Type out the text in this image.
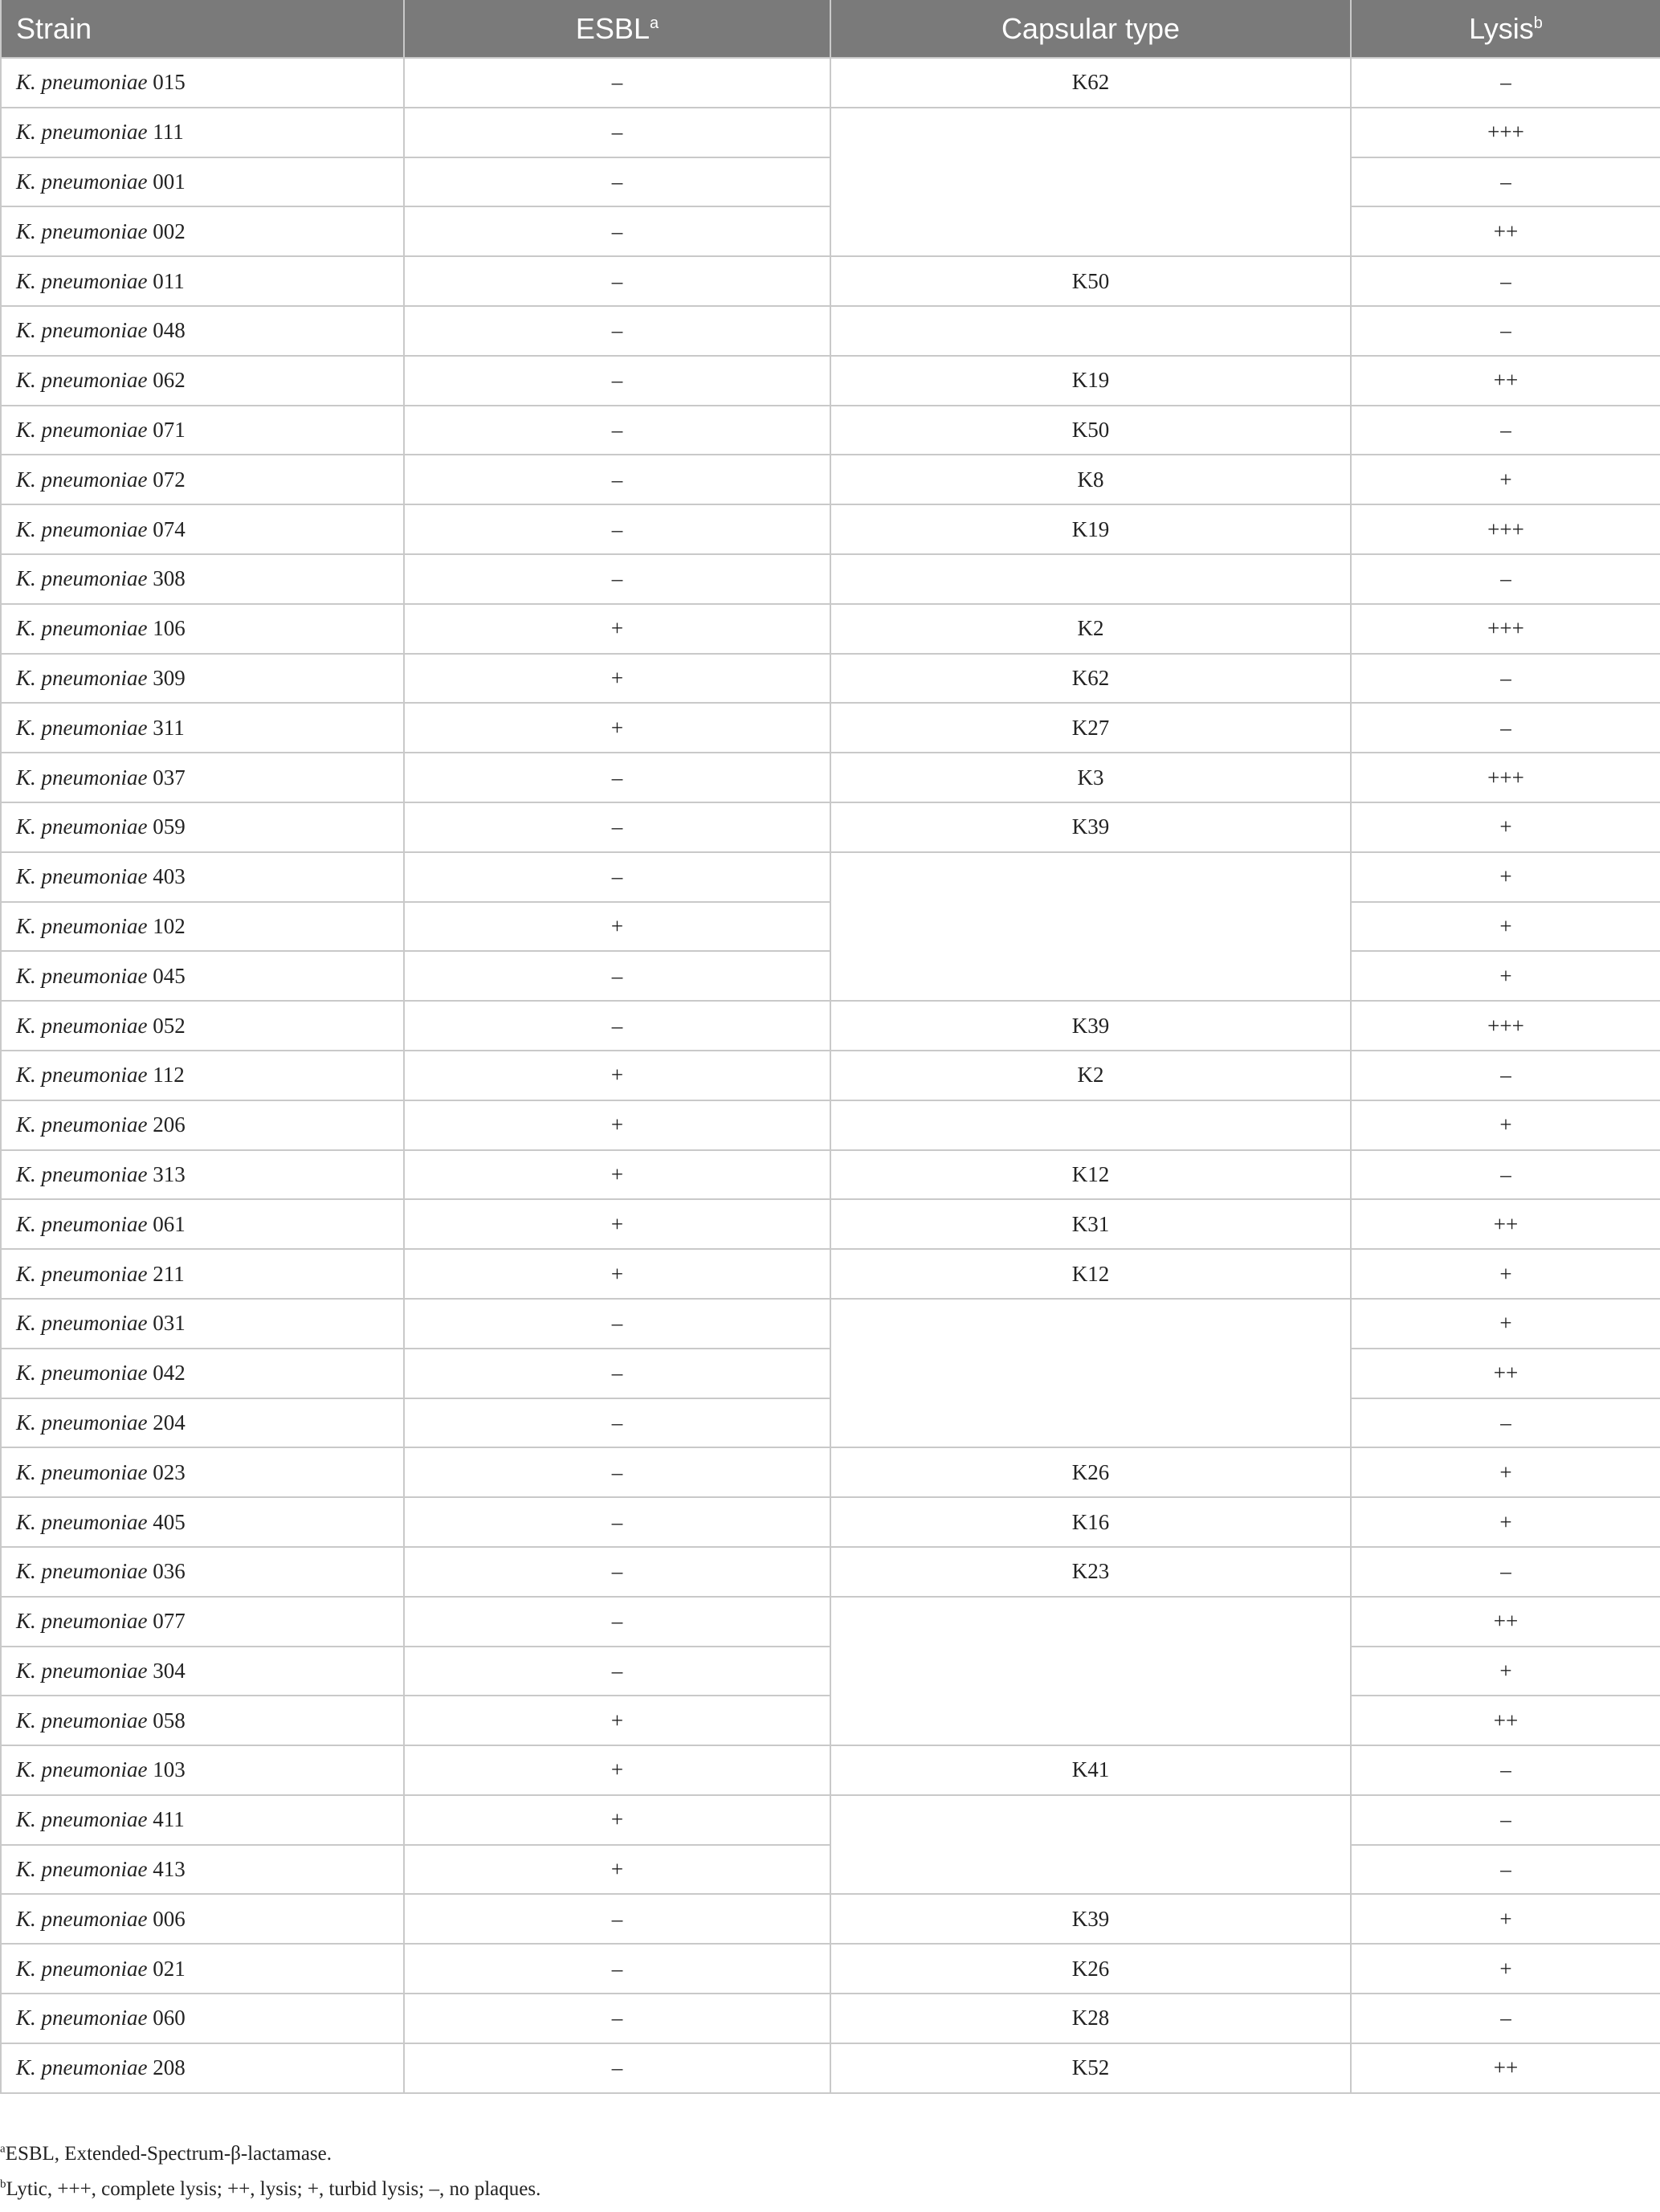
Strain	ESBL$^a$	Capsular type	Lysis$^b$
K. pneumoniae 015	–	K62	–
K. pneumoniae 111	–		+++
K. pneumoniae 001	–		–
K. pneumoniae 002	–		++
K. pneumoniae 011	–	K50	–
K. pneumoniae 048	–		–
K. pneumoniae 062	–	K19	++
K. pneumoniae 071	–	K50	–
K. pneumoniae 072	–	K8	+
K. pneumoniae 074	–	K19	+++
K. pneumoniae 308	–		–
K. pneumoniae 106	+	K2	+++
K. pneumoniae 309	+	K62	–
K. pneumoniae 311	+	K27	–
K. pneumoniae 037	–	K3	+++
K. pneumoniae 059	–	K39	+
K. pneumoniae 403	–		+
K. pneumoniae 102	+		+
K. pneumoniae 045	–		+
K. pneumoniae 052	–	K39	+++
K. pneumoniae 112	+	K2	–
K. pneumoniae 206	+		+
K. pneumoniae 313	+	K12	–
K. pneumoniae 061	+	K31	++
K. pneumoniae 211	+	K12	+
K. pneumoniae 031	–		+
K. pneumoniae 042	–		++
K. pneumoniae 204	–		–
K. pneumoniae 023	–	K26	+
K. pneumoniae 405	–	K16	+
K. pneumoniae 036	–	K23	–
K. pneumoniae 077	–		++
K. pneumoniae 304	–		+
K. pneumoniae 058	+		++
K. pneumoniae 103	+	K41	–
K. pneumoniae 411	+		–
K. pneumoniae 413	+		–
K. pneumoniae 006	–	K39	+
K. pneumoniae 021	–	K26	+
K. pneumoniae 060	–	K28	–
K. pneumoniae 208	–	K52	++

$^a$ESBL, Extended-Spectrum-β-lactamase.

$^b$Lytic, +++, complete lysis; ++, lysis; +, turbid lysis; –, no plaques.
